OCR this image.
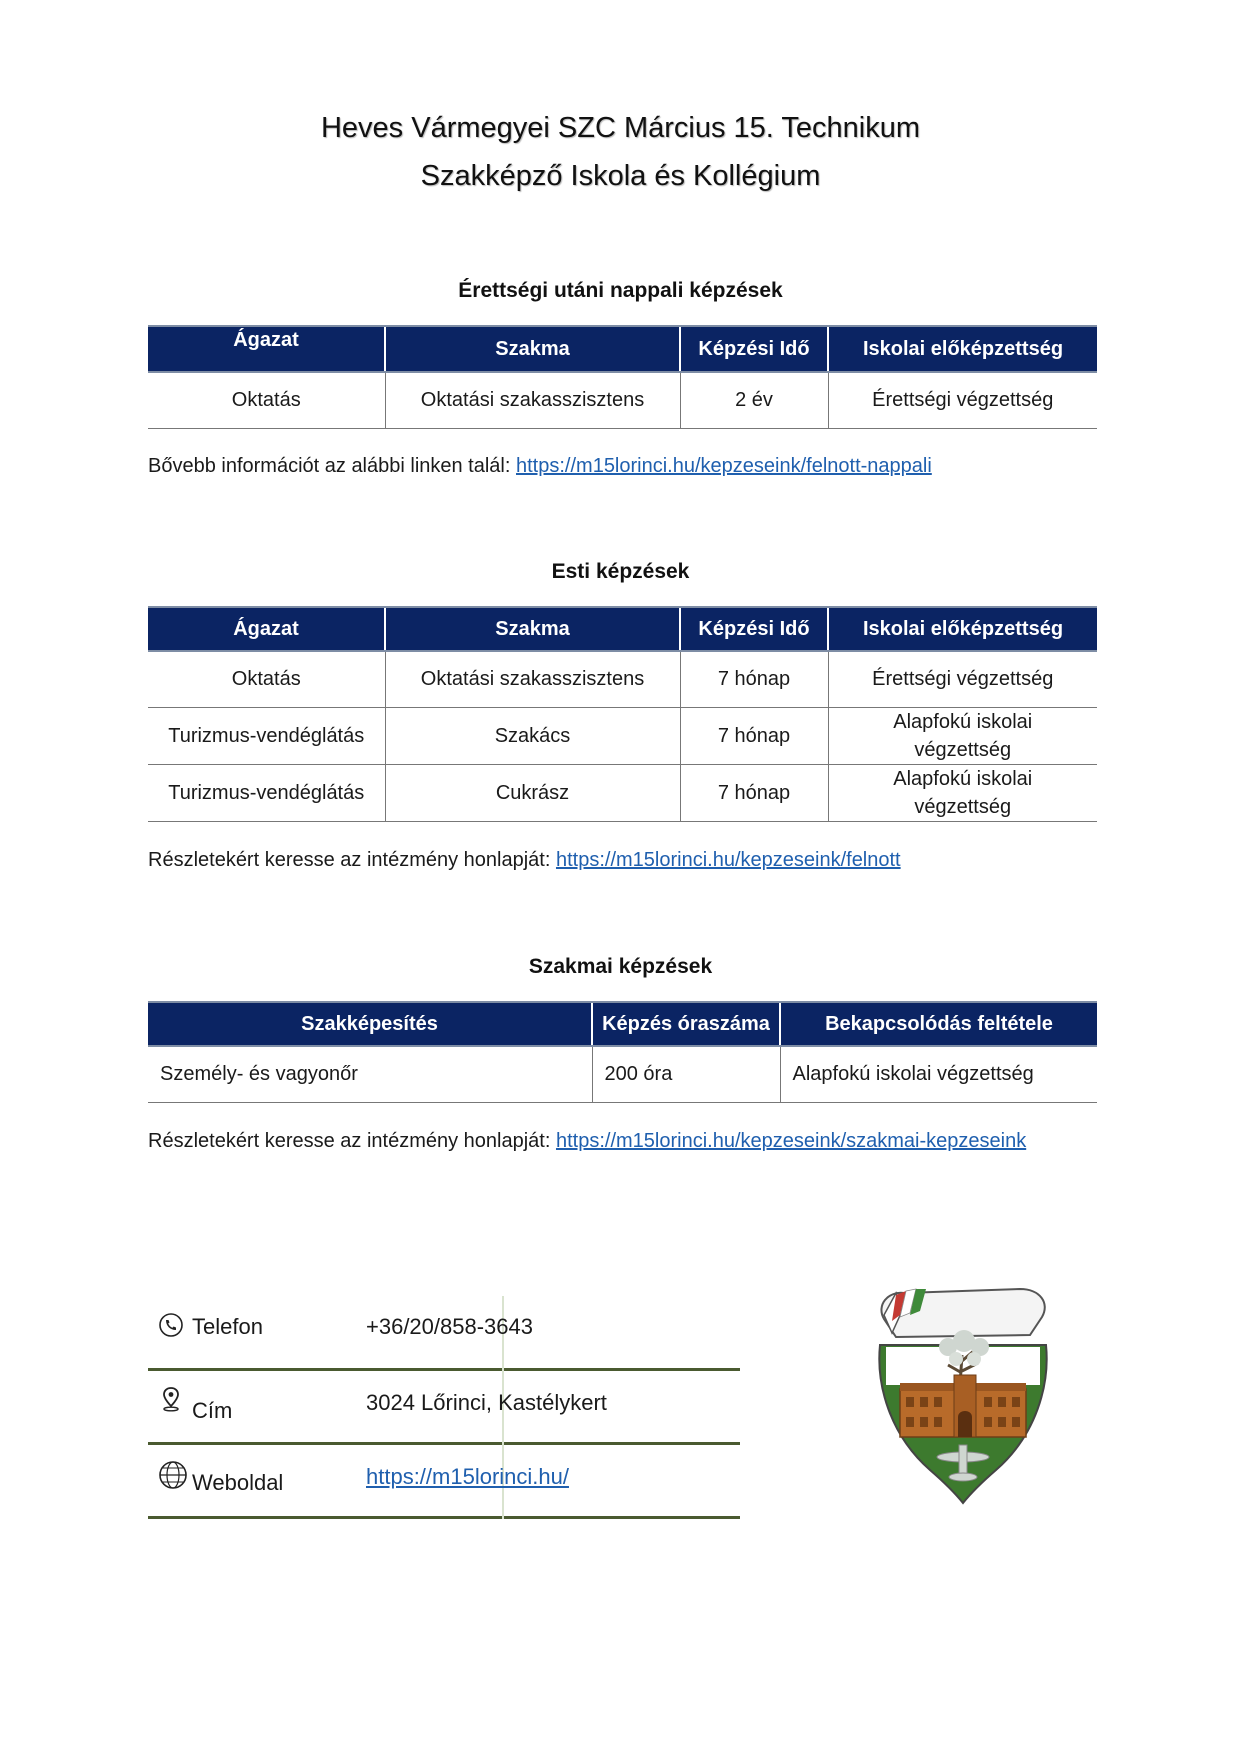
Heves Vármegyei SZC Március 15. Technikum
Szakképző Iskola és Kollégium
Érettségi utáni nappali képzések
Ágazat	Szakma	Képzési Idő	Iskolai előképzettség
Oktatás	Oktatási szakasszisztens	2 év	Érettségi végzettség
Bővebb információt az alábbi linken talál: https://m15lorinci.hu/kepzeseink/felnott-nappali
Esti képzések
Ágazat	Szakma	Képzési Idő	Iskolai előképzettség
Oktatás	Oktatási szakasszisztens	7 hónap	Érettségi végzettség
Turizmus-vendéglátás	Szakács	7 hónap	Alapfokú iskolai végzettség
Turizmus-vendéglátás	Cukrász	7 hónap	Alapfokú iskolai végzettség
Részletekért keresse az intézmény honlapját: https://m15lorinci.hu/kepzeseink/felnott
Szakmai képzések
Szakképesítés	Képzés óraszáma	Bekapcsolódás feltétele
Személy- és vagyonőr	200 óra	Alapfokú iskolai végzettség
Részletekért keresse az intézmény honlapját: https://m15lorinci.hu/kepzeseink/szakmai-kepzeseink
Telefon	+36/20/858-3643
Cím	3024 Lőrinci, Kastélykert
Weboldal	https://m15lorinci.hu/
